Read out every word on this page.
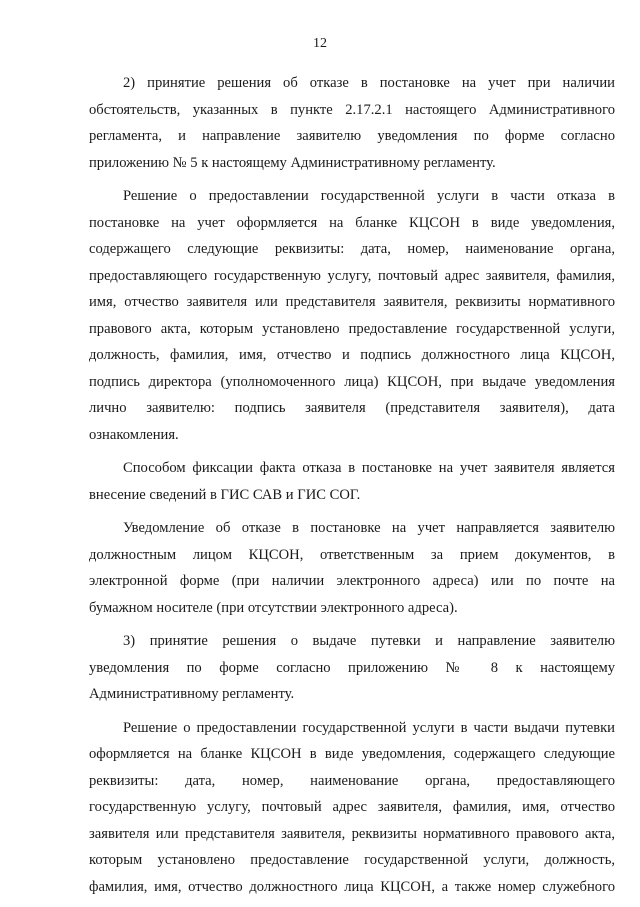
12
2) принятие решения об отказе в постановке на учет при наличии
обстоятельств, указанных в пункте 2.17.2.1 настоящего Административного
регламента, и направление заявителю уведомления по форме согласно
приложению № 5 к настоящему Административному регламенту.
Решение о предоставлении государственной услуги в части отказа в
постановке на учет оформляется на бланке КЦСОН в виде уведомления,
содержащего следующие реквизиты: дата, номер, наименование органа,
предоставляющего государственную услугу, почтовый адрес заявителя, фамилия,
имя, отчество заявителя или представителя заявителя, реквизиты нормативного
правового акта, которым установлено предоставление государственной услуги,
должность, фамилия, имя, отчество и подпись должностного лица КЦСОН,
подпись директора (уполномоченного лица) КЦСОН, при выдаче уведомления
лично заявителю: подпись заявителя (представителя заявителя), дата
ознакомления.
Способом фиксации факта отказа в постановке на учет заявителя является
внесение сведений в ГИС САВ и ГИС СОГ.
Уведомление об отказе в постановке на учет направляется заявителю
должностным лицом КЦСОН, ответственным за прием документов, в
электронной форме (при наличии электронного адреса) или по почте на
бумажном носителе (при отсутствии электронного адреса).
3) принятие решения о выдаче путевки и направление заявителю
уведомления по форме согласно приложению № 8 к настоящему
Административному регламенту.
Решение о предоставлении государственной услуги в части выдачи путевки
оформляется на бланке КЦСОН в виде уведомления, содержащего следующие
реквизиты: дата, номер, наименование органа, предоставляющего
государственную услугу, почтовый адрес заявителя, фамилия, имя, отчество
заявителя или представителя заявителя, реквизиты нормативного правового акта,
которым установлено предоставление государственной услуги, должность,
фамилия, имя, отчество должностного лица КЦСОН, а также номер служебного
